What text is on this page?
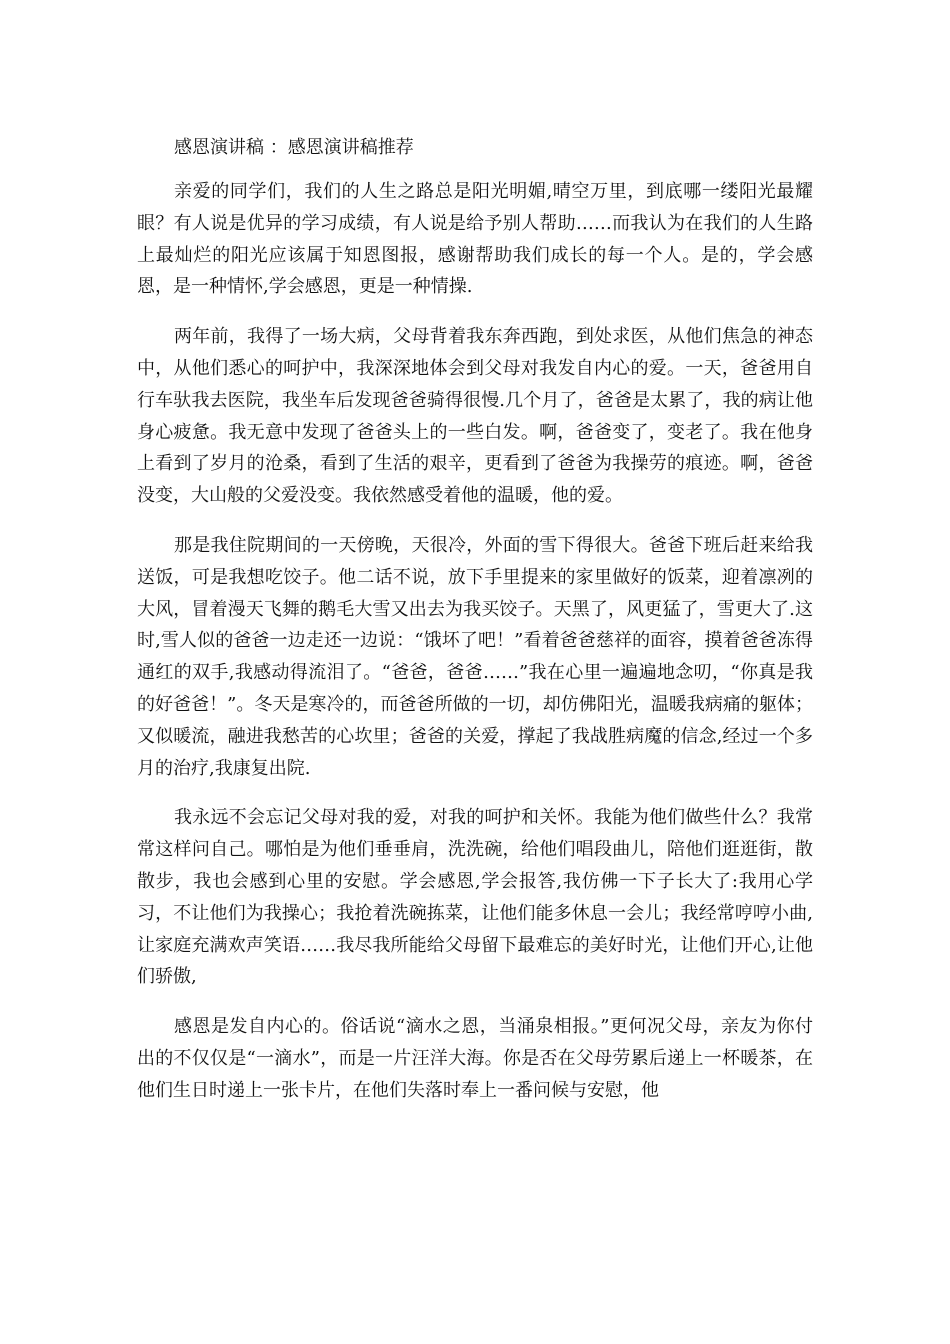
感恩演讲稿 ：感恩演讲稿推荐

亲爱的同学们，我们的人生之路总是阳光明媚,晴空万里，到底哪一缕阳光最耀眼？有人说是优异的学习成绩，有人说是给予别人帮助……而我认为在我们的人生路上最灿烂的阳光应该属于知恩图报，感谢帮助我们成长的每一个人。是的，学会感恩，是一种情怀,学会感恩，更是一种情操.

两年前，我得了一场大病，父母背着我东奔西跑，到处求医，从他们焦急的神态中，从他们悉心的呵护中，我深深地体会到父母对我发自内心的爱。一天，爸爸用自行车驮我去医院，我坐车后发现爸爸骑得很慢.几个月了，爸爸是太累了，我的病让他身心疲惫。我无意中发现了爸爸头上的一些白发。啊，爸爸变了，变老了。我在他身上看到了岁月的沧桑，看到了生活的艰辛，更看到了爸爸为我操劳的痕迹。啊，爸爸没变，大山般的父爱没变。我依然感受着他的温暖，他的爱。

那是我住院期间的一天傍晚，天很冷，外面的雪下得很大。爸爸下班后赶来给我送饭，可是我想吃饺子。他二话不说，放下手里提来的家里做好的饭菜，迎着凛冽的大风，冒着漫天飞舞的鹅毛大雪又出去为我买饺子。天黑了，风更猛了，雪更大了.这时,雪人似的爸爸一边走还一边说：“饿坏了吧！”看着爸爸慈祥的面容，摸着爸爸冻得通红的双手,我感动得流泪了。“爸爸，爸爸……”我在心里一遍遍地念叨，“你真是我的好爸爸！”。冬天是寒冷的，而爸爸所做的一切，却仿佛阳光，温暖我病痛的躯体；又似暖流，融进我愁苦的心坎里；爸爸的关爱，撑起了我战胜病魔的信念,经过一个多月的治疗,我康复出院.

我永远不会忘记父母对我的爱，对我的呵护和关怀。我能为他们做些什么？我常常这样问自己。哪怕是为他们垂垂肩，洗洗碗，给他们唱段曲儿，陪他们逛逛街，散散步，我也会感到心里的安慰。学会感恩,学会报答,我仿佛一下子长大了:我用心学习，不让他们为我操心；我抢着洗碗拣菜，让他们能多休息一会儿；我经常哼哼小曲,让家庭充满欢声笑语……我尽我所能给父母留下最难忘的美好时光，让他们开心,让他们骄傲,

感恩是发自内心的。俗话说“滴水之恩，当涌泉相报。”更何况父母，亲友为你付出的不仅仅是“一滴水”，而是一片汪洋大海。你是否在父母劳累后递上一杯暖茶，在他们生日时递上一张卡片，在他们失落时奉上一番问候与安慰，他
